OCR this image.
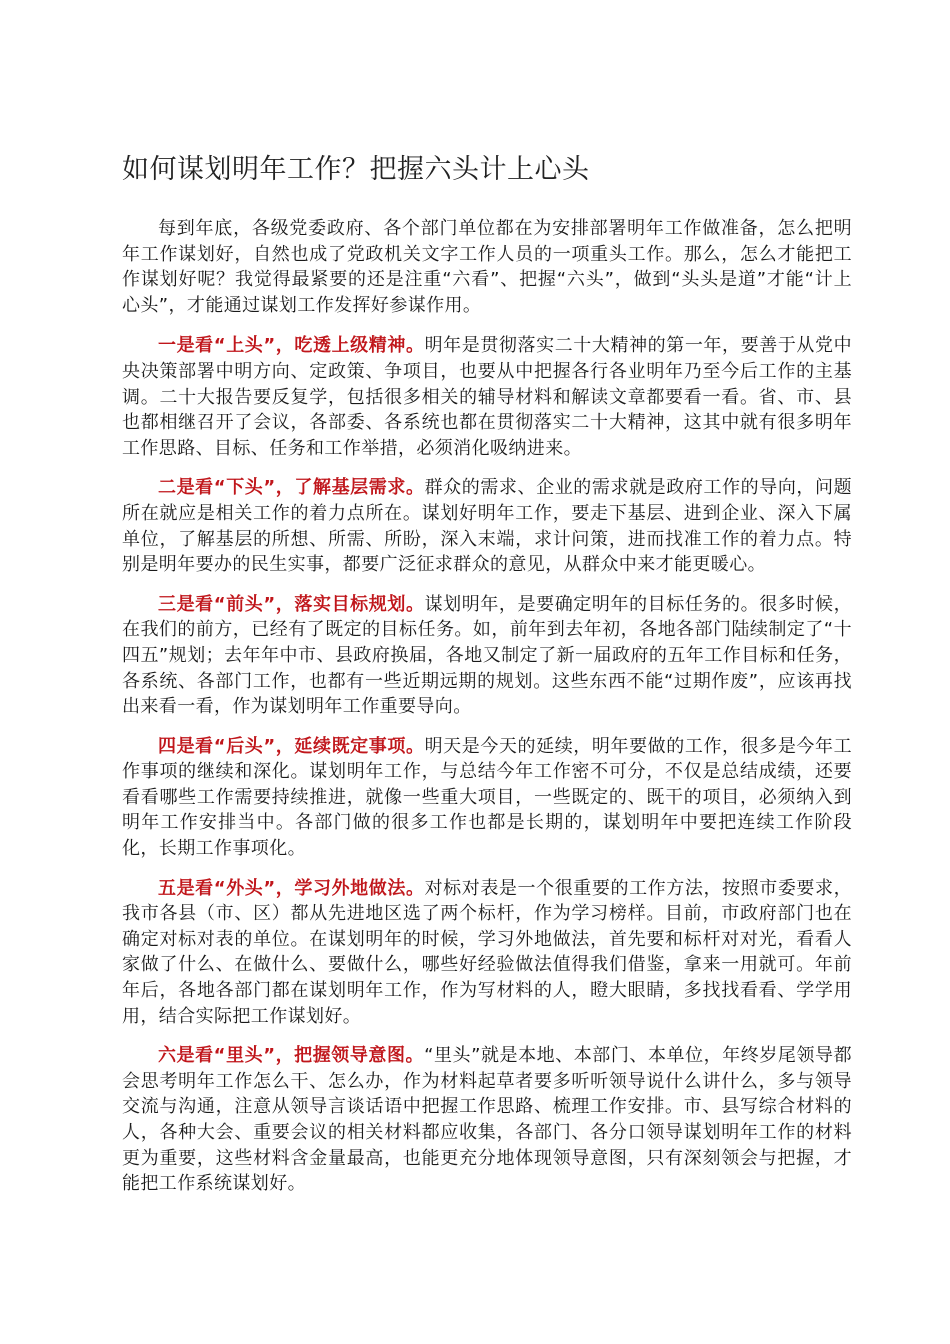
如何谋划明年工作？把握六头计上心头

每到年底，各级党委政府、各个部门单位都在为安排部署明年工作做准备，怎么把明年工作谋划好，自然也成了党政机关文字工作人员的一项重头工作。那么，怎么才能把工作谋划好呢？我觉得最紧要的还是注重“六看”、把握“六头”，做到“头头是道”才能“计上心头”，才能通过谋划工作发挥好参谋作用。

一是看“上头”，吃透上级精神。明年是贯彻落实二十大精神的第一年，要善于从党中央决策部署中明方向、定政策、争项目，也要从中把握各行各业明年乃至今后工作的主基调。二十大报告要反复学，包括很多相关的辅导材料和解读文章都要看一看。省、市、县也都相继召开了会议，各部委、各系统也都在贯彻落实二十大精神，这其中就有很多明年工作思路、目标、任务和工作举措，必须消化吸纳进来。

二是看“下头”，了解基层需求。群众的需求、企业的需求就是政府工作的导向，问题所在就应是相关工作的着力点所在。谋划好明年工作，要走下基层、进到企业、深入下属单位，了解基层的所想、所需、所盼，深入末端，求计问策，进而找准工作的着力点。特别是明年要办的民生实事，都要广泛征求群众的意见，从群众中来才能更暖心。

三是看“前头”，落实目标规划。谋划明年，是要确定明年的目标任务的。很多时候，在我们的前方，已经有了既定的目标任务。如，前年到去年初，各地各部门陆续制定了“十四五”规划；去年年中市、县政府换届，各地又制定了新一届政府的五年工作目标和任务，各系统、各部门工作，也都有一些近期远期的规划。这些东西不能“过期作废”，应该再找出来看一看，作为谋划明年工作重要导向。

四是看“后头”，延续既定事项。明天是今天的延续，明年要做的工作，很多是今年工作事项的继续和深化。谋划明年工作，与总结今年工作密不可分，不仅是总结成绩，还要看看哪些工作需要持续推进，就像一些重大项目，一些既定的、既干的项目，必须纳入到明年工作安排当中。各部门做的很多工作也都是长期的，谋划明年中要把连续工作阶段化，长期工作事项化。

五是看“外头”，学习外地做法。对标对表是一个很重要的工作方法，按照市委要求，我市各县（市、区）都从先进地区选了两个标杆，作为学习榜样。目前，市政府部门也在确定对标对表的单位。在谋划明年的时候，学习外地做法，首先要和标杆对对光，看看人家做了什么、在做什么、要做什么，哪些好经验做法值得我们借鉴，拿来一用就可。年前年后，各地各部门都在谋划明年工作，作为写材料的人，瞪大眼睛，多找找看看、学学用用，结合实际把工作谋划好。

六是看“里头”，把握领导意图。“里头”就是本地、本部门、本单位，年终岁尾领导都会思考明年工作怎么干、怎么办，作为材料起草者要多听听领导说什么讲什么，多与领导交流与沟通，注意从领导言谈话语中把握工作思路、梳理工作安排。市、县写综合材料的人，各种大会、重要会议的相关材料都应收集，各部门、各分口领导谋划明年工作的材料更为重要，这些材料含金量最高，也能更充分地体现领导意图，只有深刻领会与把握，才能把工作系统谋划好。
